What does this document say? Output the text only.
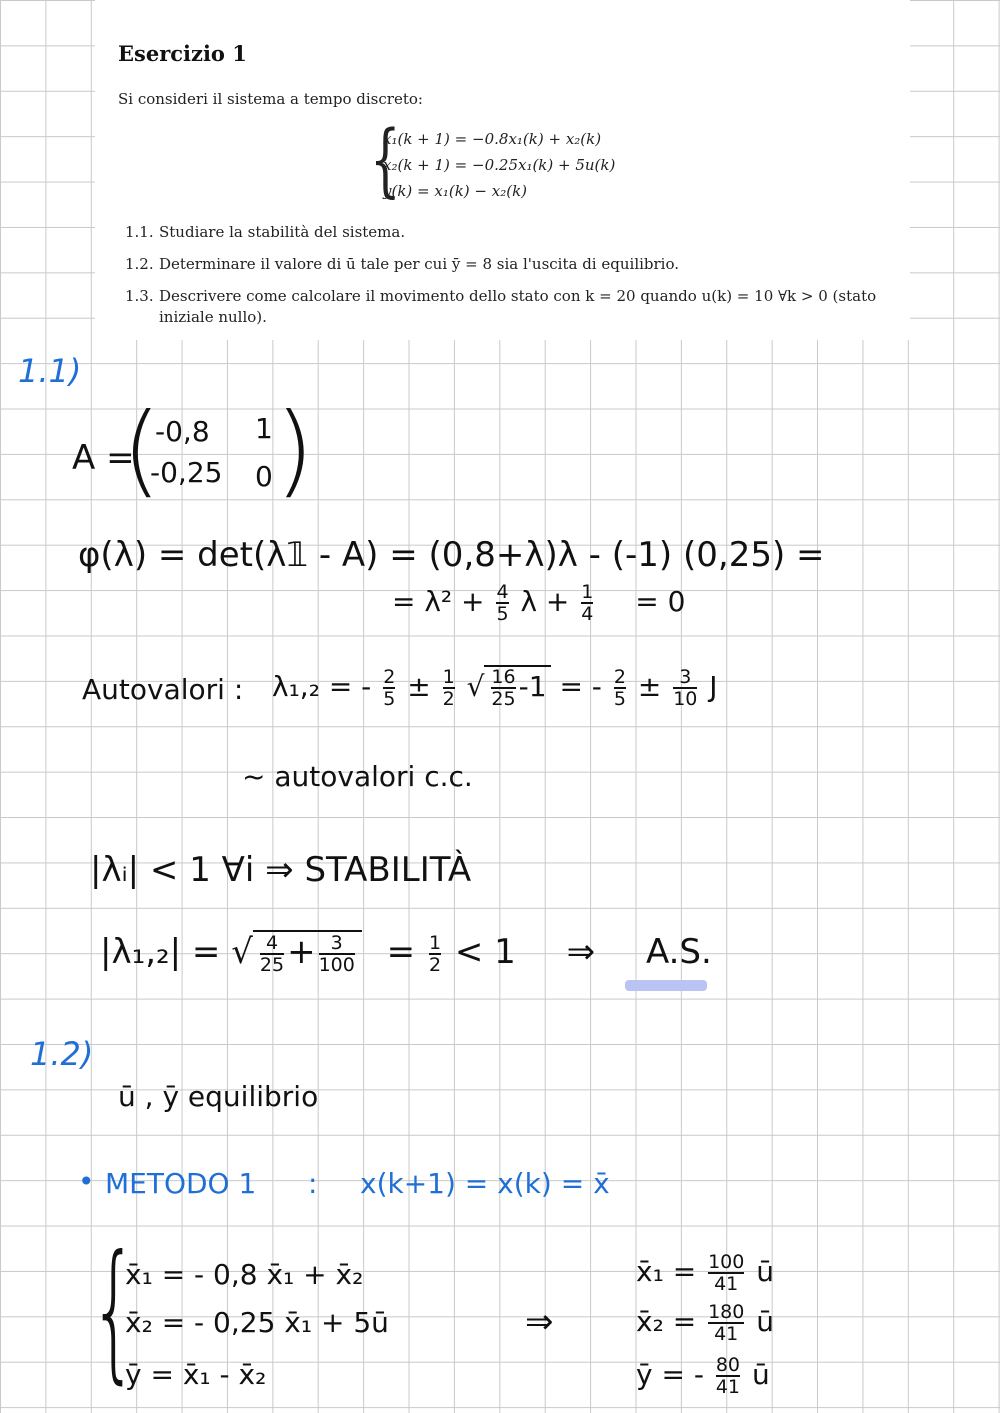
Esercizio 1
Si consideri il sistema a tempo discreto:
{
x₁(k + 1) = −0.8x₁(k) + x₂(k)
x₂(k + 1) = −0.25x₁(k) + 5u(k)
y(k) = x₁(k) − x₂(k)
1.1. Studiare la stabilità del sistema.
1.2. Determinare il valore di ū tale per cui ȳ = 8 sia l'uscita di equilibrio.
1.3. Descrivere come calcolare il movimento dello stato con k = 20 quando u(k) = 10 ∀k > 0 (stato iniziale nullo).
1.1)
A =
(
-0,8 1
-0,25 0 )
φ(λ) = det(λ𝟙 - A) = (0,8+λ)λ - (-1) (0,25) =
= $\lambda^2 + \frac{4}{5}$ $\lambda + \frac{1}{4} = 0$
Autovalori : λ₁,₂ = - $\frac{2}{5} \pm \frac{1}{2}$ √ $\frac{16}{25} -1$ = - $\frac{2}{5} \pm \frac{3}{10}$ J
~ autovalori c.c.
|λᵢ| < 1 ∀i ⇒ STABILITÀ
|λ₁,₂| = √ $\frac{4}{25} + \frac{3}{100} = \frac{1}{2} < 1$ ⇒ A.S.
1.2)
ū , ȳ equilibrio
• METODO 1 : x(k+1) = x(k) = x̄
{
x̄₁ = - 0,8 x̄₁ + x̄₂
x̄₂ = - 0,25 x̄₁ + 5ū
ȳ = x̄₁ - x̄₂
⇒
x̄₁ = $\frac{100}{41}$ ū
x̄₂ = $\frac{180}{41}$ ū
ȳ = - $\frac{80}{41}$ ū
